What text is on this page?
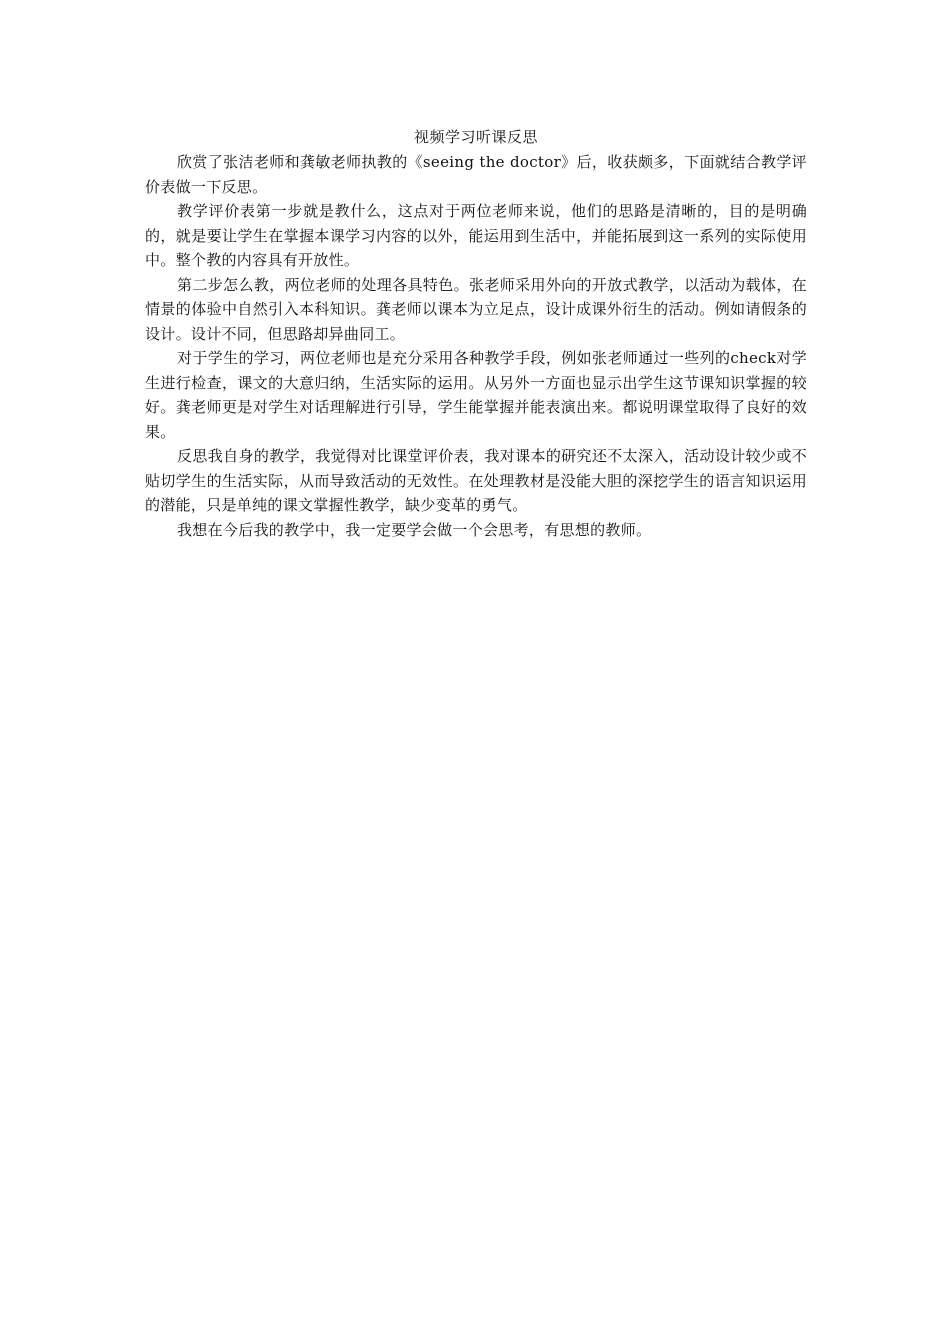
视频学习听课反思

欣赏了张洁老师和龚敏老师执教的《seeing the doctor》后，收获颇多，下面就结合教学评价表做一下反思。

教学评价表第一步就是教什么，这点对于两位老师来说，他们的思路是清晰的，目的是明确的，就是要让学生在掌握本课学习内容的以外，能运用到生活中，并能拓展到这一系列的实际使用中。整个教的内容具有开放性。

第二步怎么教，两位老师的处理各具特色。张老师采用外向的开放式教学，以活动为载体，在情景的体验中自然引入本科知识。龚老师以课本为立足点，设计成课外衍生的活动。例如请假条的设计。设计不同，但思路却异曲同工。

对于学生的学习，两位老师也是充分采用各种教学手段，例如张老师通过一些列的check对学生进行检查，课文的大意归纳，生活实际的运用。从另外一方面也显示出学生这节课知识掌握的较好。龚老师更是对学生对话理解进行引导，学生能掌握并能表演出来。都说明课堂取得了良好的效果。

反思我自身的教学，我觉得对比课堂评价表，我对课本的研究还不太深入，活动设计较少或不贴切学生的生活实际，从而导致活动的无效性。在处理教材是没能大胆的深挖学生的语言知识运用的潜能，只是单纯的课文掌握性教学，缺少变革的勇气。

我想在今后我的教学中，我一定要学会做一个会思考，有思想的教师。
